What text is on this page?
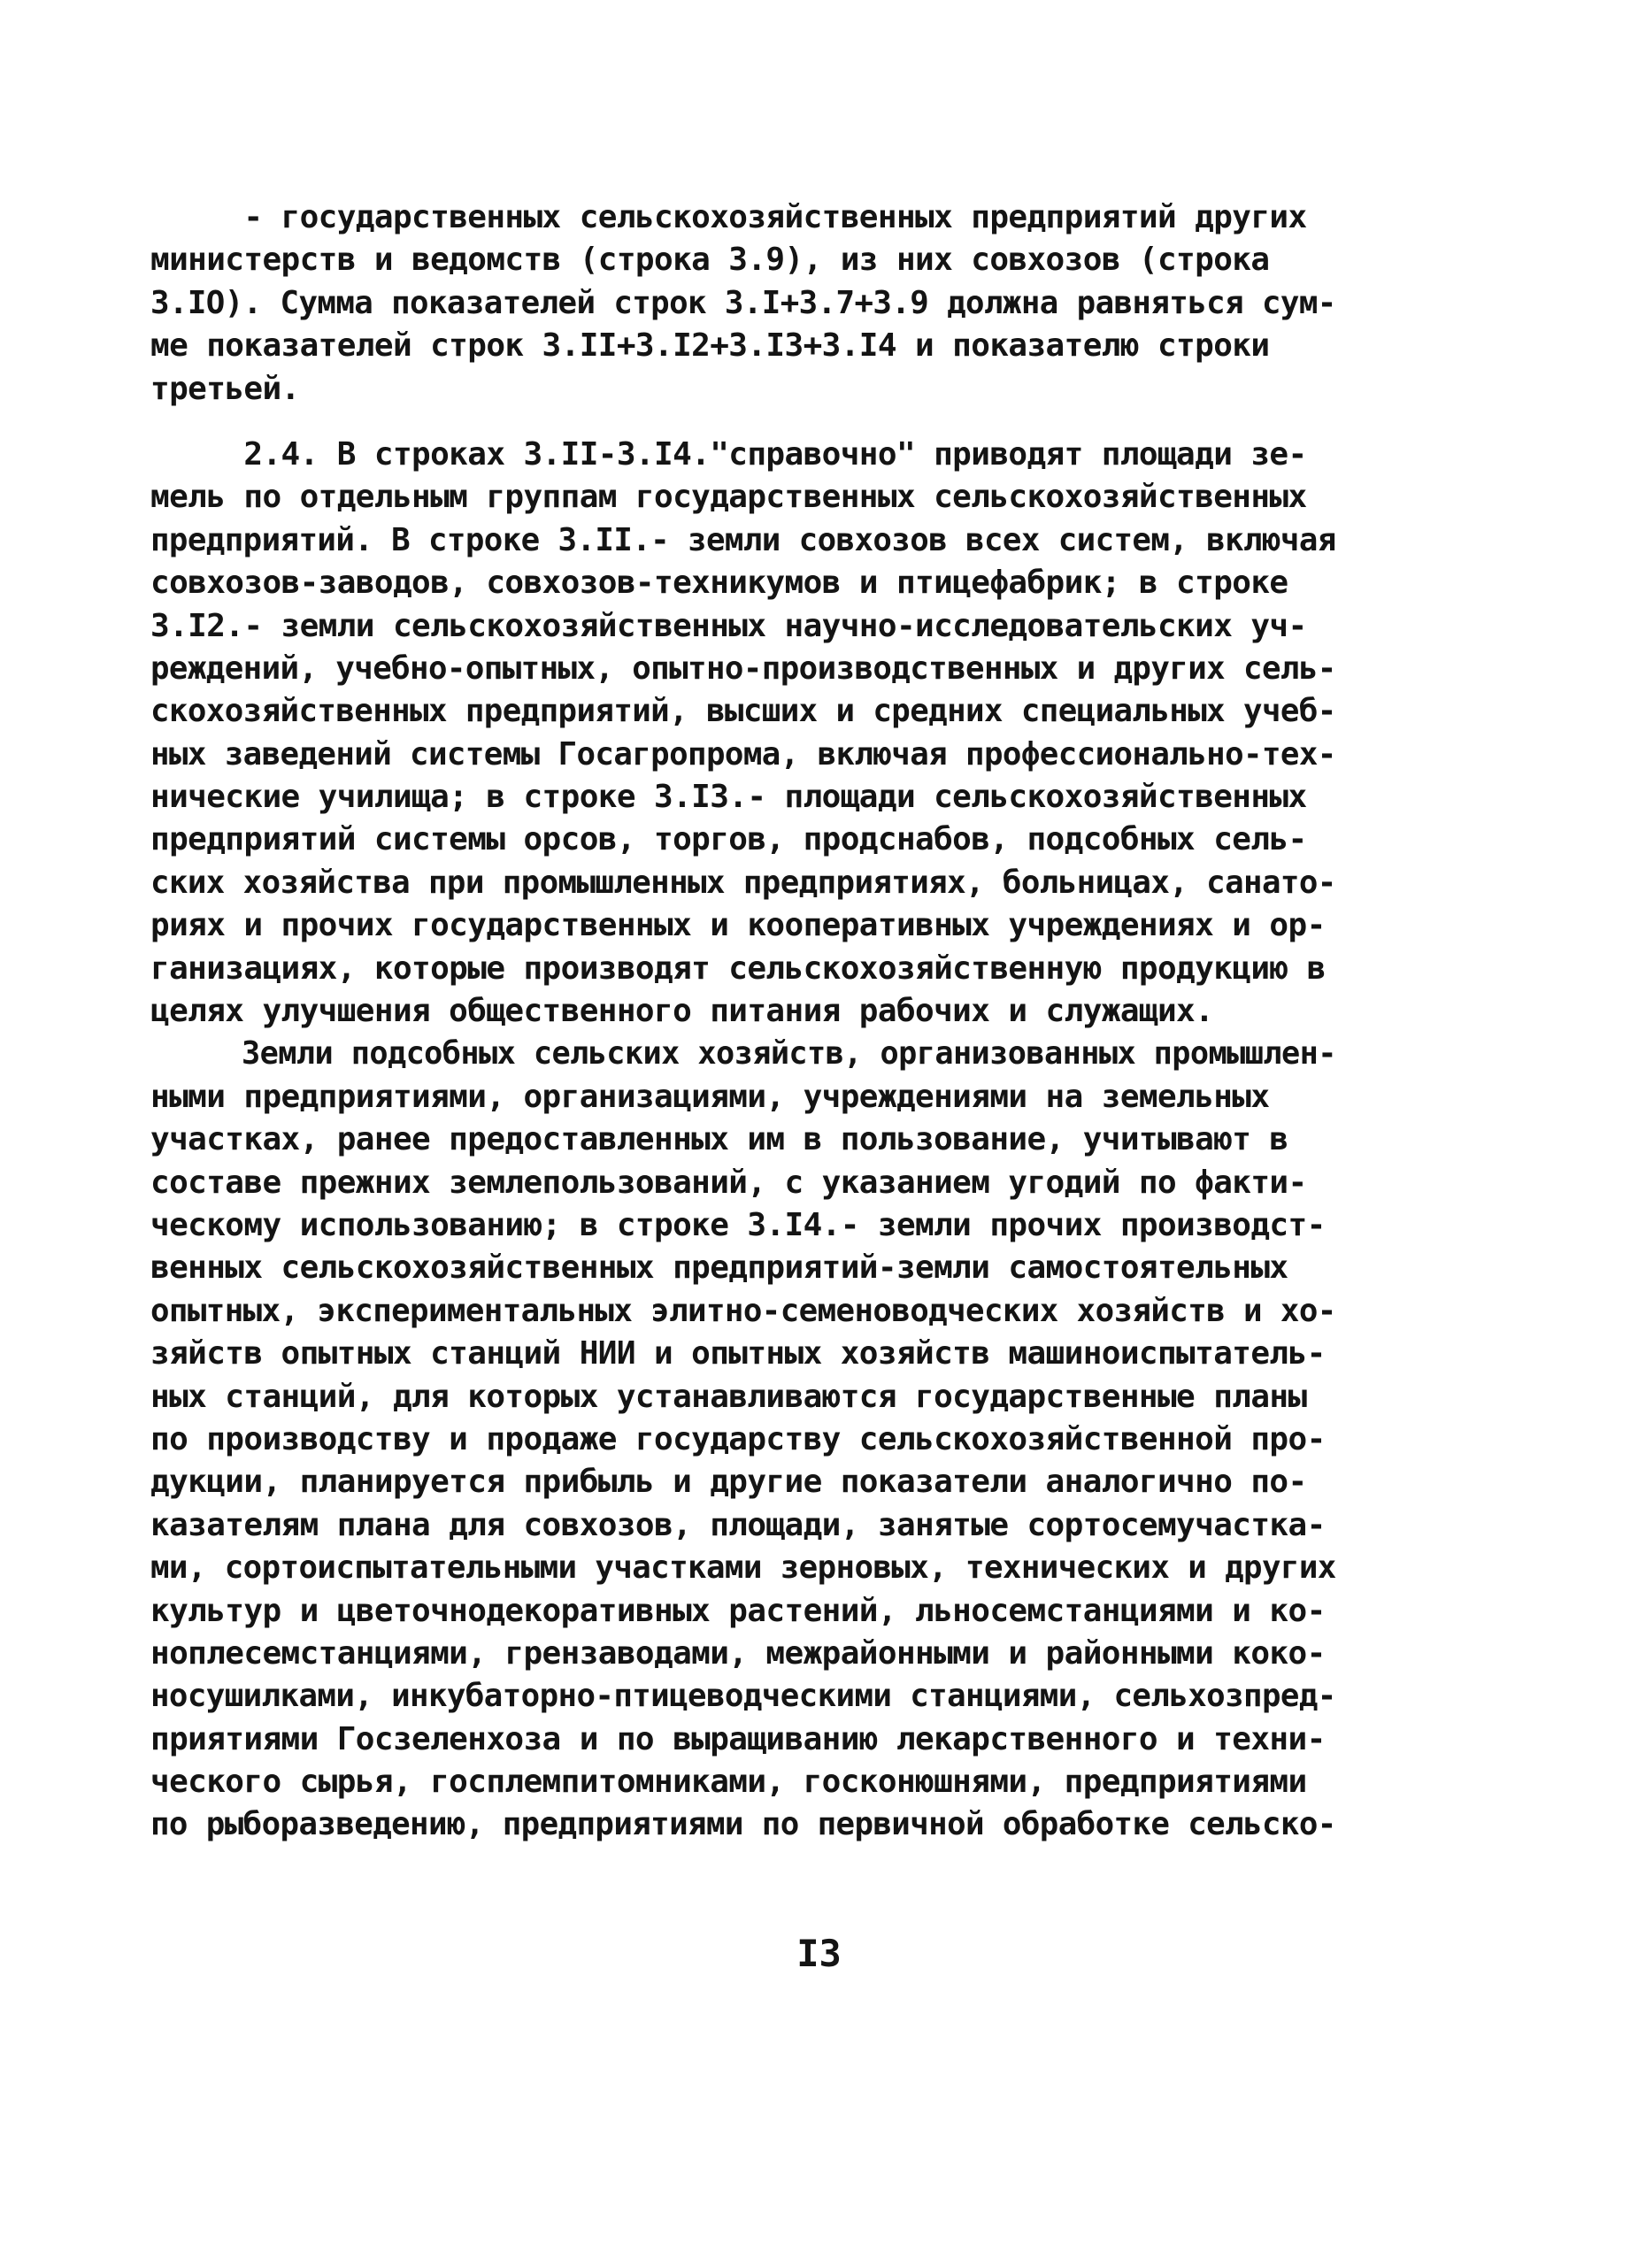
- государственных сельскохозяйственных предприятий других
министерств и ведомств (строка 3.9), из них совхозов (строка
3.IO). Сумма показателей строк 3.I+3.7+3.9 должна равняться сум-
ме показателей строк 3.II+3.I2+3.I3+3.I4 и показателю строки
третьей.
2.4. В строках 3.II-3.I4."справочно" приводят площади зе-
мель по отдельным группам государственных сельскохозяйственных
предприятий. В строке 3.II.- земли совхозов всех систем, включая
совхозов-заводов, совхозов-техникумов и птицефабрик; в строке
3.I2.- земли сельскохозяйственных научно-исследовательских уч-
реждений, учебно-опытных, опытно-производственных и других сель-
скохозяйственных предприятий, высших и средних специальных учеб-
ных заведений системы Госагропрома, включая профессионально-тех-
нические училища; в строке 3.I3.- площади сельскохозяйственных
предприятий системы орсов, торгов, продснабов, подсобных сель-
ских хозяйства при промышленных предприятиях, больницах, санато-
риях и прочих государственных и кооперативных учреждениях и ор-
ганизациях, которые производят сельскохозяйственную продукцию в
целях улучшения общественного питания рабочих и служащих.
Земли подсобных сельских хозяйств, организованных промышлен-
ными предприятиями, организациями, учреждениями на земельных
участках, ранее предоставленных им в пользование, учитывают в
составе прежних землепользований, с указанием угодий по факти-
ческому использованию; в строке 3.I4.- земли прочих производст-
венных сельскохозяйственных предприятий-земли самостоятельных
опытных, экспериментальных элитно-семеноводческих хозяйств и хо-
зяйств опытных станций НИИ и опытных хозяйств машиноиспытатель-
ных станций, для которых устанавливаются государственные планы
по производству и продаже государству сельскохозяйственной про-
дукции, планируется прибыль и другие показатели аналогично по-
казателям плана для совхозов, площади, занятые сортосемучастка-
ми, сортоиспытательными участками зерновых, технических и других
культур и цветочнодекоративных растений, льносемстанциями и ко-
ноплесемстанциями, грензаводами, межрайонными и районными коко-
носушилками, инкубаторно-птицеводческими станциями, сельхозпред-
приятиями Госзеленхоза и по выращиванию лекарственного и техни-
ческого сырья, госплемпитомниками, госконюшнями, предприятиями
по рыборазведению, предприятиями по первичной обработке сельско-
I3
